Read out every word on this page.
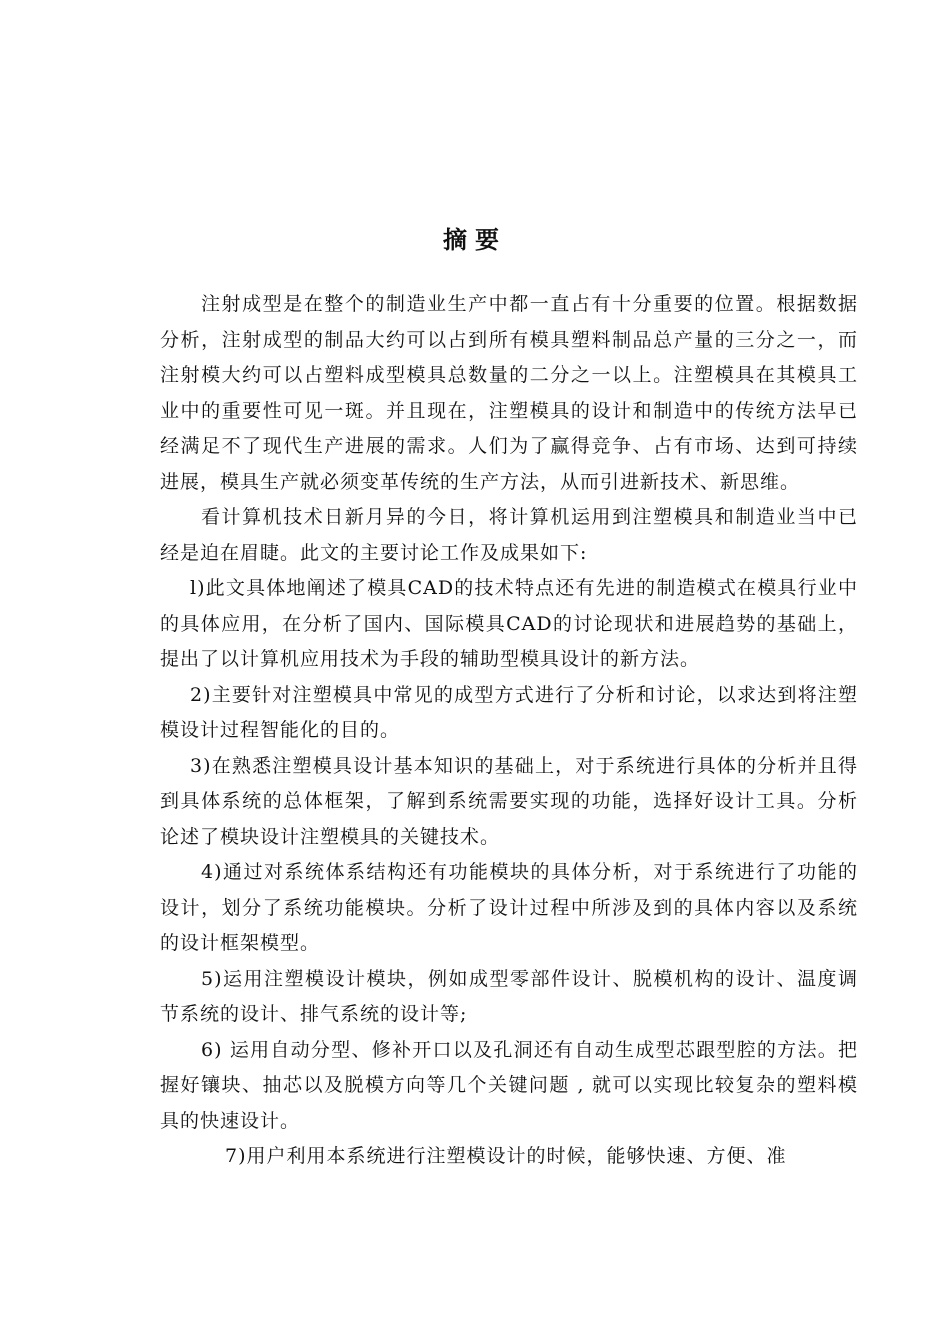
摘要

注射成型是在整个的制造业生产中都一直占有十分重要的位置。根据数据分析，注射成型的制品大约可以占到所有模具塑料制品总产量的三分之一，而注射模大约可以占塑料成型模具总数量的二分之一以上。注塑模具在其模具工业中的重要性可见一斑。并且现在，注塑模具的设计和制造中的传统方法早已经满足不了现代生产进展的需求。人们为了赢得竞争、占有市场、达到可持续进展，模具生产就必须变革传统的生产方法，从而引进新技术、新思维。

看计算机技术日新月异的今日，将计算机运用到注塑模具和制造业当中已经是迫在眉睫。此文的主要讨论工作及成果如下:

l)此文具体地阐述了模具CAD的技术特点还有先进的制造模式在模具行业中的具体应用，在分析了国内、国际模具CAD的讨论现状和进展趋势的基础上，提出了以计算机应用技术为手段的辅助型模具设计的新方法。

2)主要针对注塑模具中常见的成型方式进行了分析和讨论，以求达到将注塑模设计过程智能化的目的。

3)在熟悉注塑模具设计基本知识的基础上，对于系统进行具体的分析并且得到具体系统的总体框架，了解到系统需要实现的功能，选择好设计工具。分析论述了模块设计注塑模具的关键技术。

4)通过对系统体系结构还有功能模块的具体分析，对于系统进行了功能的设计，划分了系统功能模块。分析了设计过程中所涉及到的具体内容以及系统的设计框架模型。

5)运用注塑模设计模块，例如成型零部件设计、脱模机构的设计、温度调节系统的设计、排气系统的设计等;

6) 运用自动分型、修补开口以及孔洞还有自动生成型芯跟型腔的方法。把握好镶块、抽芯以及脱模方向等几个关键问题 , 就可以实现比较复杂的塑料模具的快速设计。

7)用户利用本系统进行注塑模设计的时候，能够快速、方便、准
